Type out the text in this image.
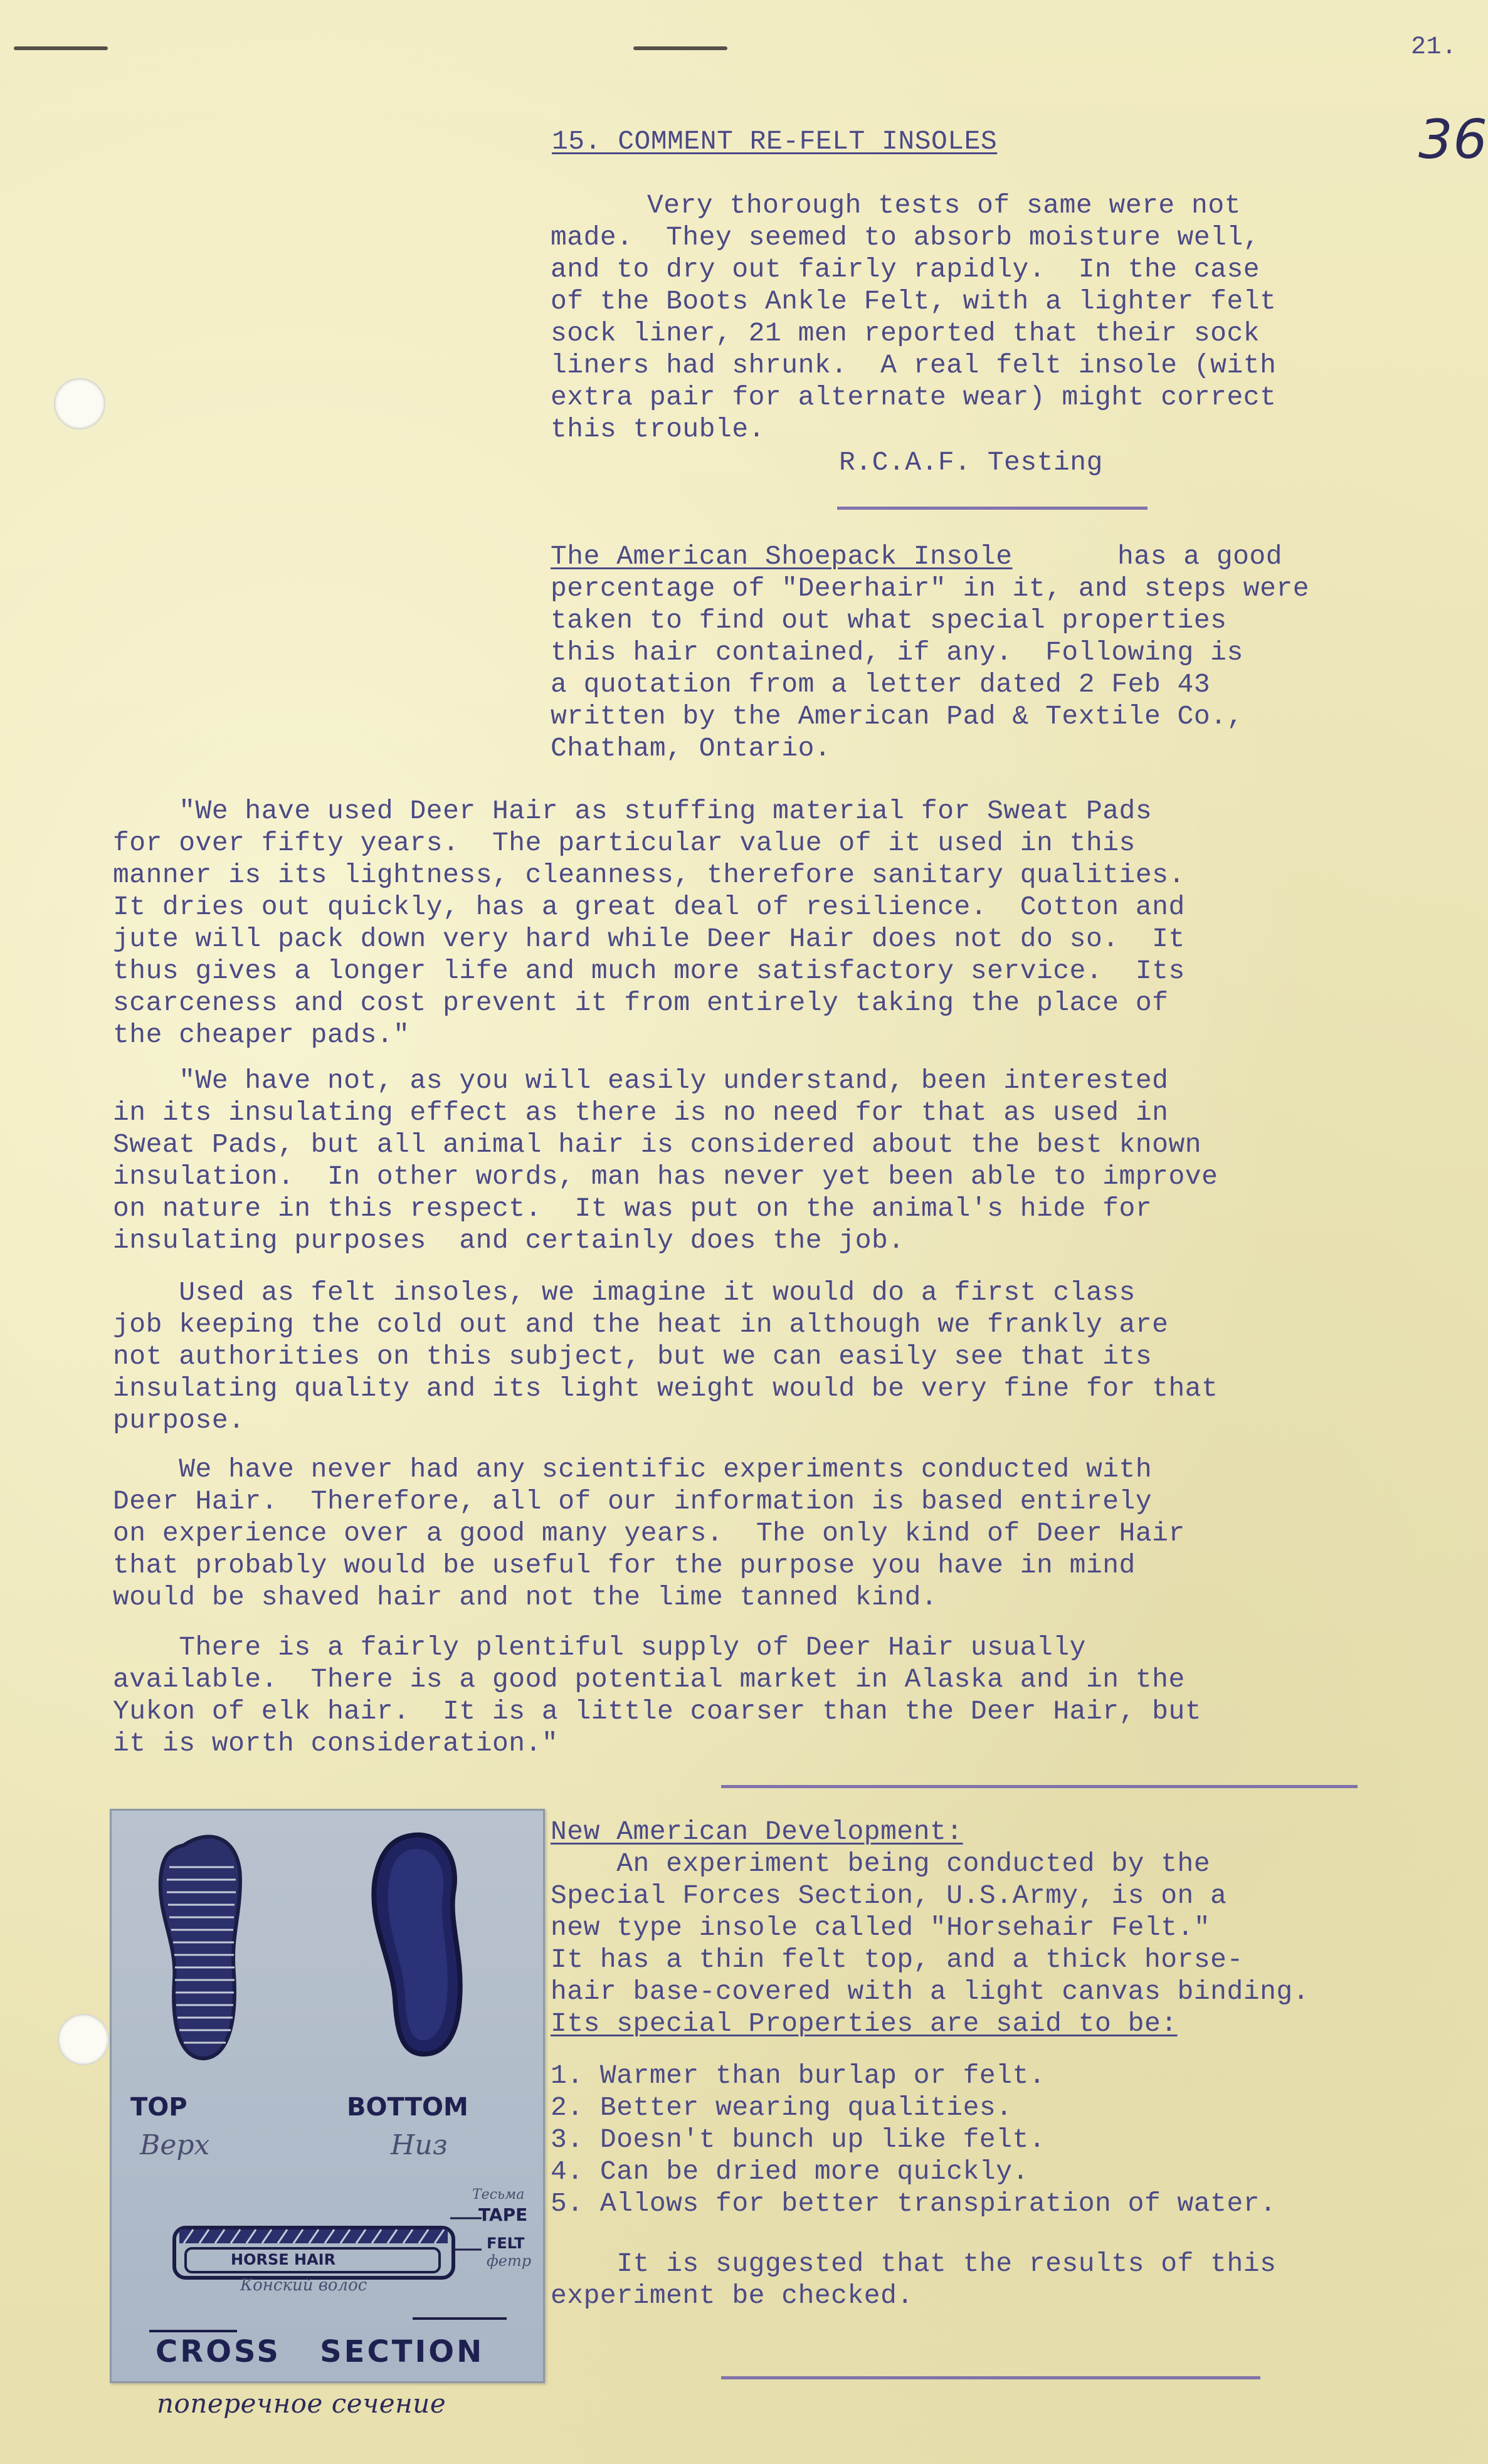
21.
36
15. COMMENT RE-FELT INSOLES
Very thorough tests of same were not
made.  They seemed to absorb moisture well,
and to dry out fairly rapidly.  In the case
of the Boots Ankle Felt, with a lighter felt
sock liner, 21 men reported that their sock
liners had shrunk.  A real felt insole (with
extra pair for alternate wear) might correct
this trouble.
R.C.A.F. Testing
The American Shoepack Insole	has a good
percentage of "Deerhair" in it, and steps were
taken to find out what special properties
this hair contained, if any.  Following is
a quotation from a letter dated 2 Feb 43
written by the American Pad & Textile Co.,
Chatham, Ontario.
"We have used Deer Hair as stuffing material for Sweat Pads
for over fifty years.  The particular value of it used in this
manner is its lightness, cleanness, therefore sanitary qualities.
It dries out quickly, has a great deal of resilience.  Cotton and
jute will pack down very hard while Deer Hair does not do so.  It
thus gives a longer life and much more satisfactory service.  Its
scarceness and cost prevent it from entirely taking the place of
the cheaper pads."
"We have not, as you will easily understand, been interested
in its insulating effect as there is no need for that as used in
Sweat Pads, but all animal hair is considered about the best known
insulation.  In other words, man has never yet been able to improve
on nature in this respect.  It was put on the animal's hide for
insulating purposes  and certainly does the job.
Used as felt insoles, we imagine it would do a first class
job keeping the cold out and the heat in although we frankly are
not authorities on this subject, but we can easily see that its
insulating quality and its light weight would be very fine for that
purpose.
We have never had any scientific experiments conducted with
Deer Hair.  Therefore, all of our information is based entirely
on experience over a good many years.  The only kind of Deer Hair
that probably would be useful for the purpose you have in mind
would be shaved hair and not the lime tanned kind.
There is a fairly plentiful supply of Deer Hair usually
available.  There is a good potential market in Alaska and in the
Yukon of elk hair.  It is a little coarser than the Deer Hair, but
it is worth consideration."
TOP
Верх
BOTTOM
Низ
Тесьма
TAPE
FELT
фетр
HORSE HAIR
Конский волос
CROSS   SECTION
поперечное сечение
New American Development:
An experiment being conducted by the
Special Forces Section, U.S.Army, is on a
new type insole called "Horsehair Felt."
It has a thin felt top, and a thick horse-
hair base-covered with a light canvas binding.
Its special Properties are said to be:
1. Warmer than burlap or felt.
2. Better wearing qualities.
3. Doesn't bunch up like felt.
4. Can be dried more quickly.
5. Allows for better transpiration of water.
It is suggested that the results of this
experiment be checked.
